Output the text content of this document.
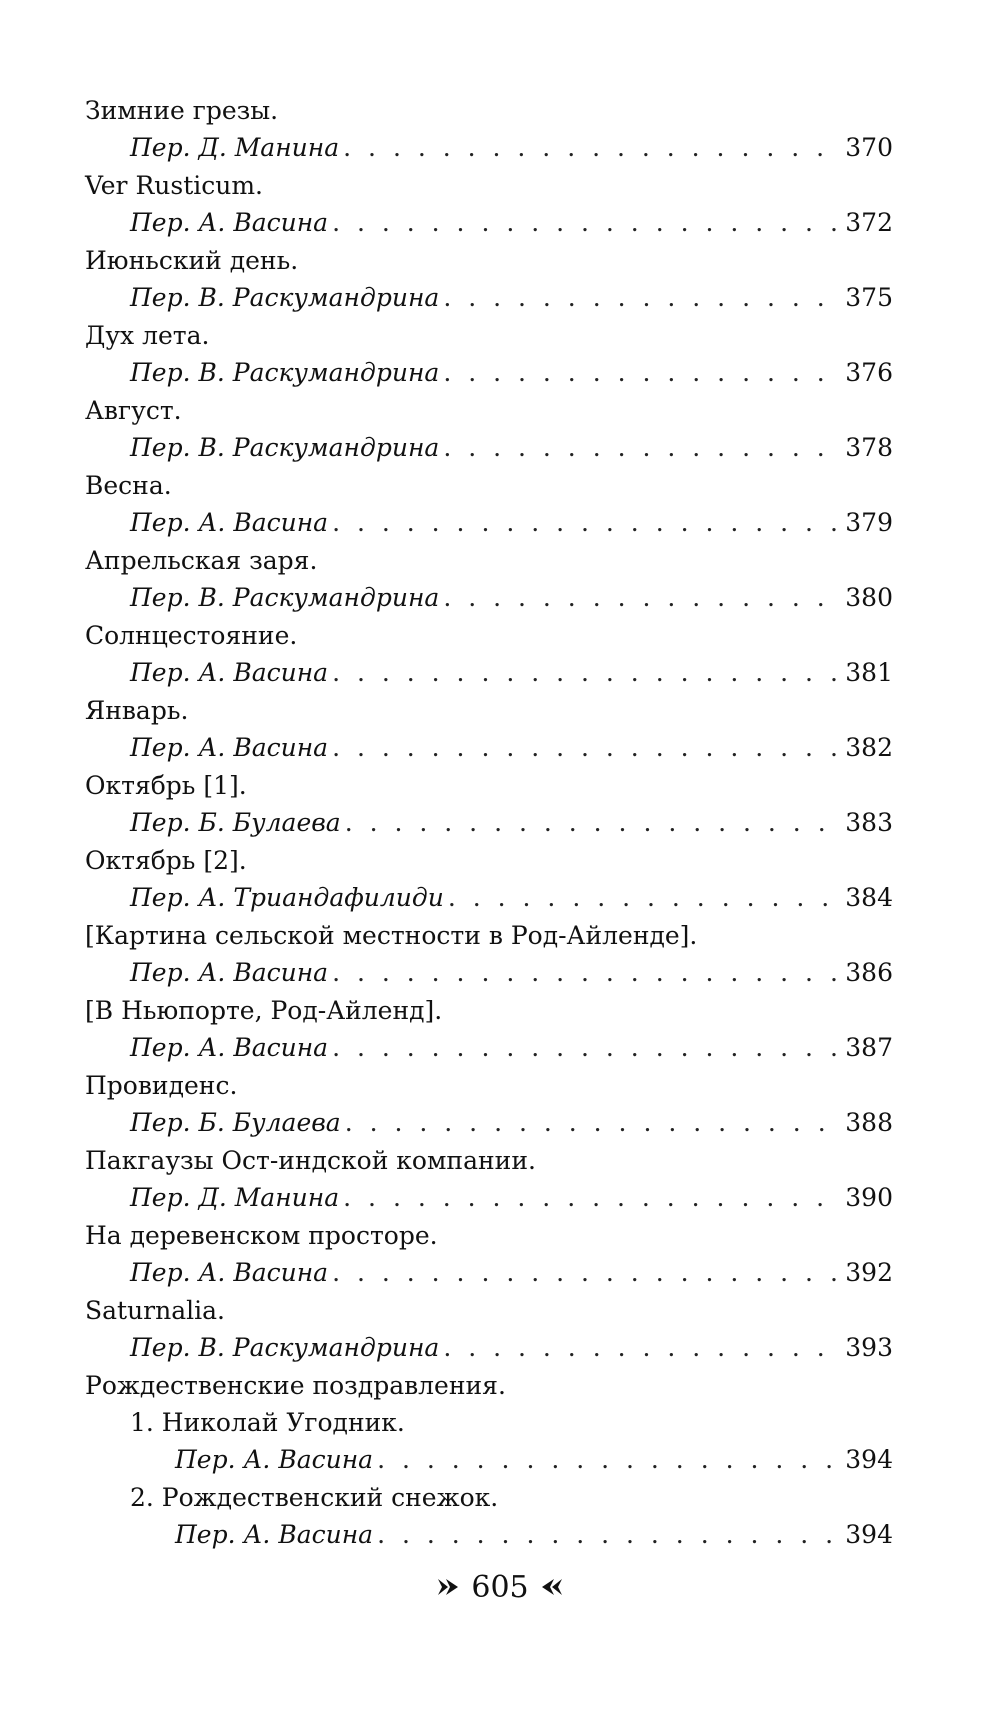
Зимние грезы.
Пер. Д. Манина . . .	370
Ver Rusticum.
Пер. А. Васина . . .	372
Июньский день.
Пер. В. Раскумандрина . . .	375
Дух лета.
Пер. В. Раскумандрина . . .	376
Август.
Пер. В. Раскумандрина . . .	378
Весна.
Пер. А. Васина . . .	379
Апрельская заря.
Пер. В. Раскумандрина . . .	380
Солнцестояние.
Пер. А. Васина . . .	381
Январь.
Пер. А. Васина . . .	382
Октябрь [1].
Пер. Б. Булаева . . .	383
Октябрь [2].
Пер. А. Триандафилиди . . .	384
[Картина сельской местности в Род-Айленде].
Пер. А. Васина . . .	386
[В Ньюпорте, Род-Айленд].
Пер. А. Васина . . .	387
Провиденс.
Пер. Б. Булаева . . .	388
Пакгаузы Ост-индской компании.
Пер. Д. Манина . . .	390
На деревенском просторе.
Пер. А. Васина . . .	392
Saturnalia.
Пер. В. Раскумандрина . . .	393
Рождественские поздравления.
1. Николай Угодник.
Пер. А. Васина . . .	394
2. Рождественский снежок.
Пер. А. Васина . . .	394
605
